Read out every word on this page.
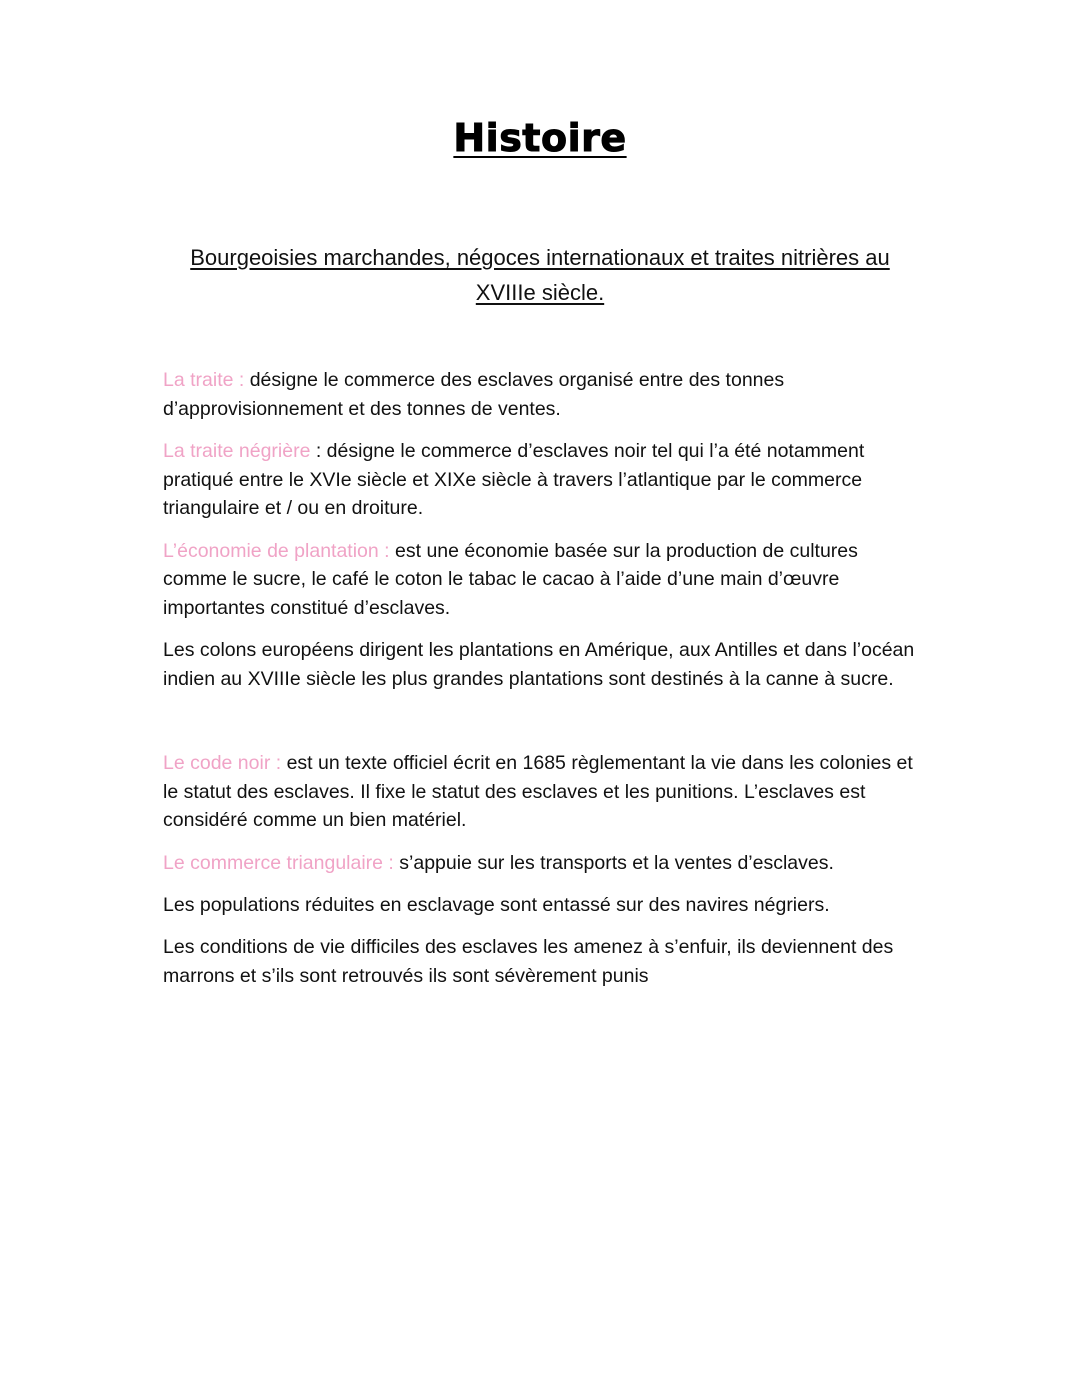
Histoire
Bourgeoisies marchandes, négoces internationaux et traites nitrières au XVIIIe siècle.

La traite : désigne le commerce des esclaves organisé entre des tonnes d’approvisionnement et des tonnes de ventes.

La traite négrière : désigne le commerce d’esclaves noir tel qui l’a été notamment pratiqué entre le XVIe siècle et XIXe siècle à travers l’atlantique par le commerce triangulaire et / ou en droiture.

L’économie de plantation : est une économie basée sur la production de cultures comme le sucre, le café le coton le tabac le cacao à l’aide d’une main d’œuvre importantes constitué d’esclaves.

Les colons européens dirigent les plantations en Amérique, aux Antilles et dans l’océan indien au XVIIIe siècle les plus grandes plantations sont destinés à la canne à sucre.

Le code noir : est un texte officiel écrit en 1685 règlementant la vie dans les colonies et le statut des esclaves. Il fixe le statut des esclaves et les punitions. L’esclaves est considéré comme un bien matériel.

Le commerce triangulaire : s’appuie sur les transports et la ventes d’esclaves.

Les populations réduites en esclavage sont entassé sur des navires négriers.

Les conditions de vie difficiles des esclaves les amenez à s’enfuir, ils deviennent des marrons et s’ils sont retrouvés ils sont sévèrement punis
